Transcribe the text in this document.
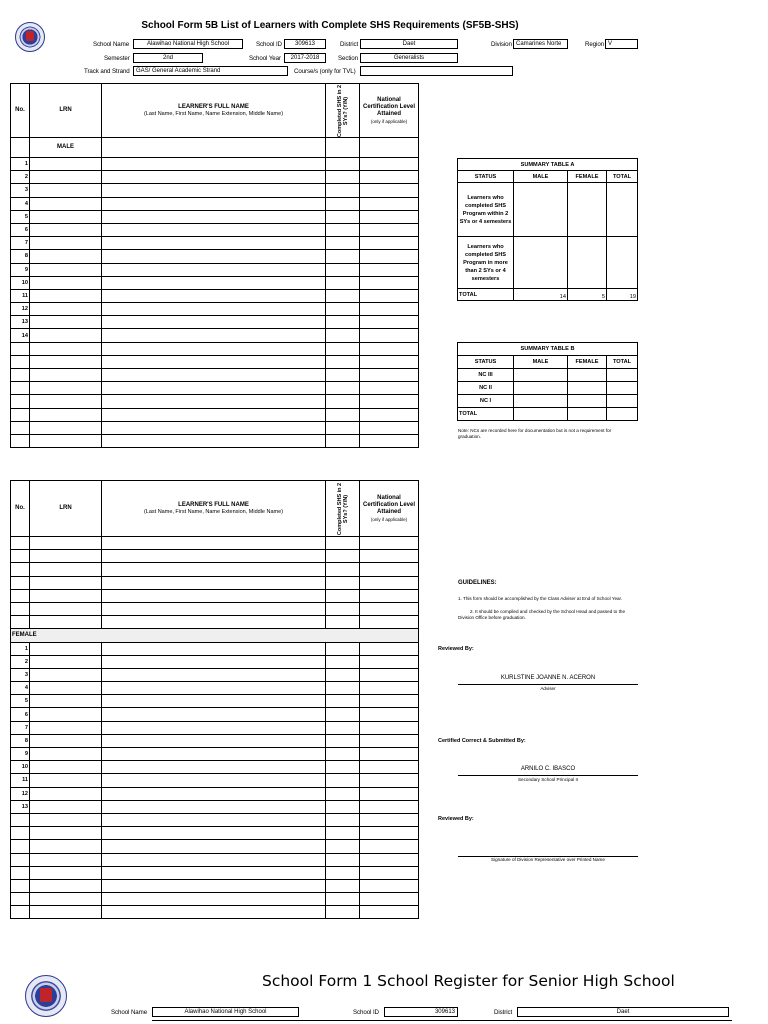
School Form 5B List of Learners with Complete SHS Requirements (SF5B-SHS)
School Name	Alawihao National High School	School ID	309613	District	Daet	Division Camarines Norte	Region V
Semester	2nd	School Year	2017-2018	Section	Generalists
Track and Strand	GAS/ General Academic Strand	Course/s (only for TVL)
No.	LRN	LEARNER'S FULL NAME
(Last Name, First Name, Name Extension, Middle Name)	Completed SHS in 2 SYs? (Y/N)	National Certification Level Attained
(only if applicable)

	MALE			
1				
2				
3				
4				
5				
6				
7				
8				
9				
10				
11				
12				
13				
14				

SUMMARY TABLE A			
STATUS	MALE	FEMALE	TOTAL
Learners who completed SHS Program within 2 SYs or 4 semesters			
Learners who completed SHS Program in more than 2 SYs or 4 semesters			
TOTAL	14	5	19
SUMMARY TABLE B			
STATUS	MALE	FEMALE	TOTAL
NC III			
NC II			
NC I			
TOTAL			
Note: NCs are recorded here for documentation but is not a requirement for graduation.
No.	LRN	LEARNER'S FULL NAME
(Last Name, First Name, Name Extension, Middle Name)	Completed SHS in 2 SYs? (Y/N)	National Certification Level Attained
(only if applicable)

FEMALE				
1				
2				
3				
4				
5				
6				
7				
8				
9				
10				
11				
12				
13				

GUIDELINES:
1. This form should be accomplished by the Class Adviser at End of School Year.
2. It should be compiled and checked by the School Head and passed to the Division Office before graduation.
Reviewed By:
KURLSTINE JOANNE N. ACERON
Adviser
Certified Correct & Submitted By:
ARNILO C. IBASCO
Secondary School Principal II
Reviewed By:
Signature of Division Representative over Printed Name
School Form 1 School Register for Senior High School
School Name	Alawihao National High School	School ID	309613	District	Daet
